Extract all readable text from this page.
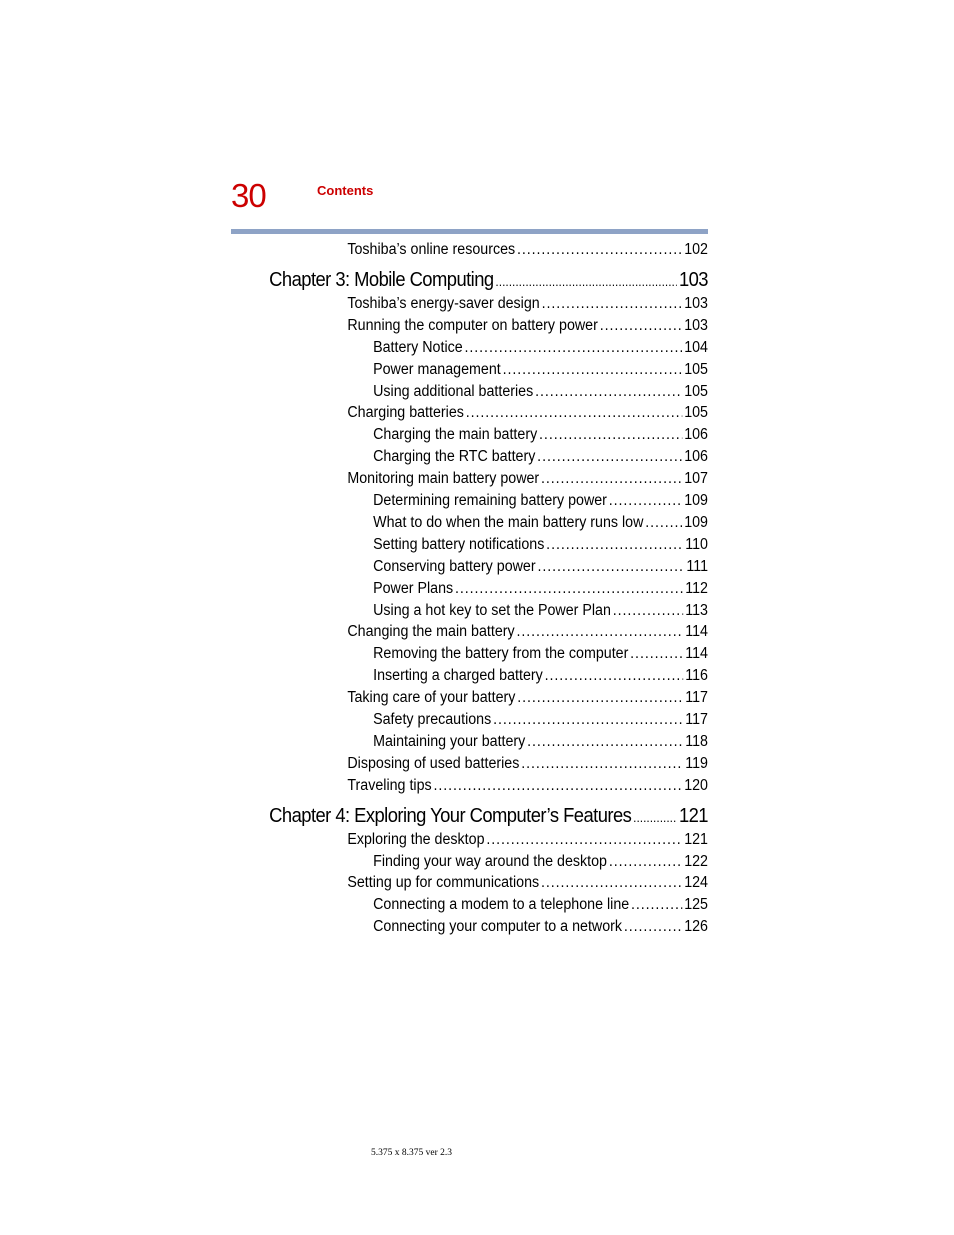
30	Contents
Toshiba’s online resources .....	102
Chapter 3: Mobile Computing .....	103
Toshiba’s energy-saver design .....	103
Running the computer on battery power .....	103
Battery Notice .....	104
Power management .....	105
Using additional batteries .....	105
Charging batteries .....	105
Charging the main battery .....	106
Charging the RTC battery .....	106
Monitoring main battery power .....	107
Determining remaining battery power .....	109
What to do when the main battery runs low .....	109
Setting battery notifications .....	110
Conserving battery power .....	111
Power Plans .....	112
Using a hot key to set the Power Plan .....	113
Changing the main battery .....	114
Removing the battery from the computer .....	114
Inserting a charged battery .....	116
Taking care of your battery .....	117
Safety precautions .....	117
Maintaining your battery .....	118
Disposing of used batteries .....	119
Traveling tips .....	120
Chapter 4: Exploring Your Computer’s Features ..... 121
Exploring the desktop .....	121
Finding your way around the desktop .....	122
Setting up for communications .....	124
Connecting a modem to a telephone line .....	125
Connecting your computer to a network .....	126
5.375 x 8.375 ver 2.3
